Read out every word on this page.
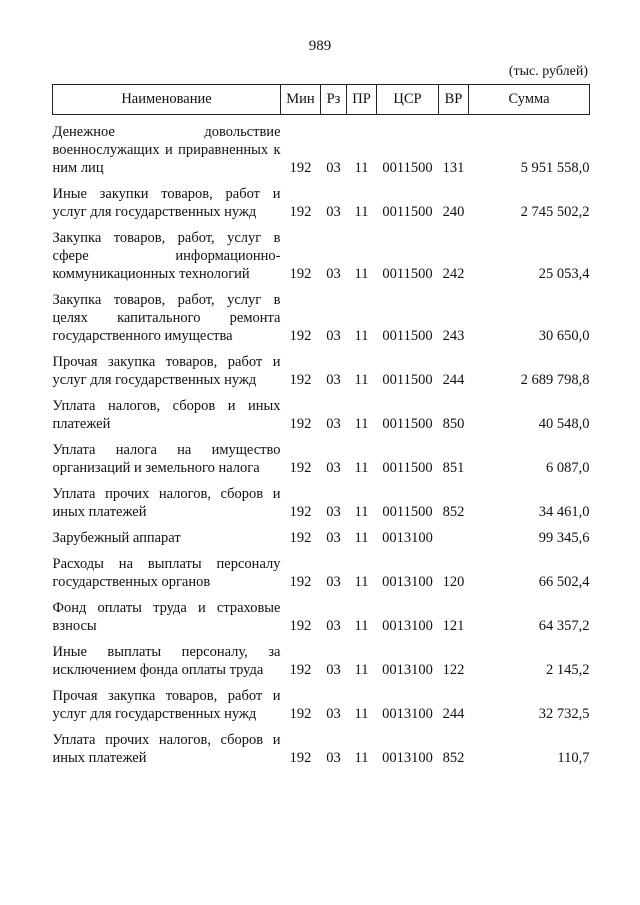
989
(тыс. рублей)
Наименование	Мин	Рз	ПР	ЦСР	ВР	Сумма

Денежное довольствие военнослужащих и приравненных к ним лиц	192	03	11	0011500	131	5 951 558,0
Иные закупки товаров, работ и услуг для государственных нужд	192	03	11	0011500	240	2 745 502,2
Закупка товаров, работ, услуг в сфере информационно-коммуникационных технологий	192	03	11	0011500	242	25 053,4
Закупка товаров, работ, услуг в целях капитального ремонта государственного имущества	192	03	11	0011500	243	30 650,0
Прочая закупка товаров, работ и услуг для государственных нужд	192	03	11	0011500	244	2 689 798,8
Уплата налогов, сборов и иных платежей	192	03	11	0011500	850	40 548,0
Уплата налога на имущество организаций и земельного налога	192	03	11	0011500	851	6 087,0
Уплата прочих налогов, сборов и иных платежей	192	03	11	0011500	852	34 461,0
Зарубежный аппарат	192	03	11	0013100		99 345,6
Расходы на выплаты персоналу государственных органов	192	03	11	0013100	120	66 502,4
Фонд оплаты труда и страховые взносы	192	03	11	0013100	121	64 357,2
Иные выплаты персоналу, за исключением фонда оплаты труда	192	03	11	0013100	122	2 145,2
Прочая закупка товаров, работ и услуг для государственных нужд	192	03	11	0013100	244	32 732,5
Уплата прочих налогов, сборов и иных платежей	192	03	11	0013100	852	110,7
